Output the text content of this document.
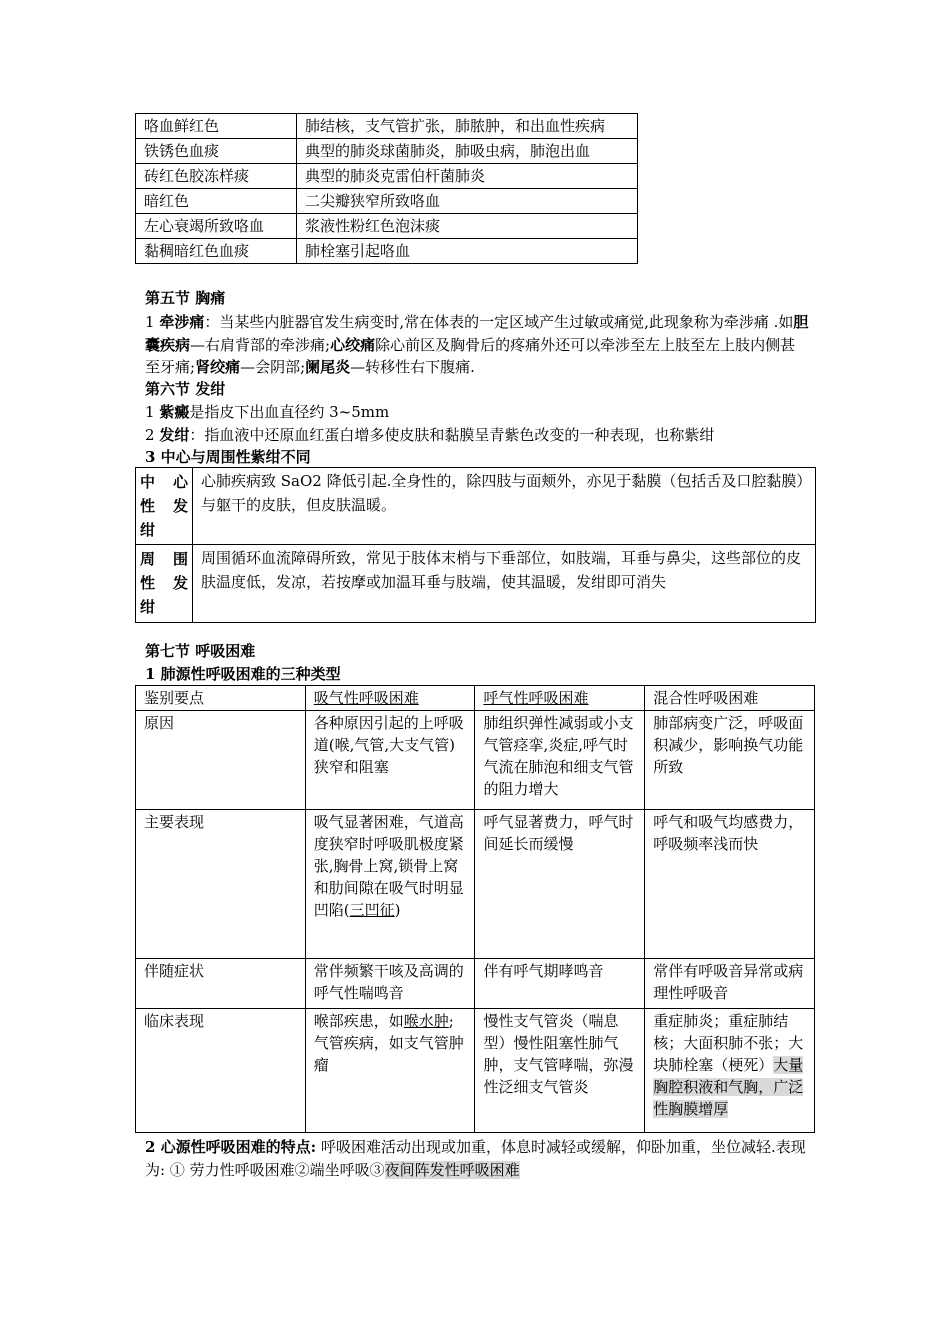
咯血鲜红色	肺结核，支气管扩张，肺脓肿，和出血性疾病
铁锈色血痰	典型的肺炎球菌肺炎，肺吸虫病，肺泡出血
砖红色胶冻样痰	典型的肺炎克雷伯杆菌肺炎
暗红色	二尖瓣狭窄所致咯血
左心衰竭所致咯血	浆液性粉红色泡沫痰
黏稠暗红色血痰	肺栓塞引起咯血
第五节 胸痛
1 牵涉痛：当某些内脏器官发生病变时,常在体表的一定区域产生过敏或痛觉,此现象称为牵涉痛 .如胆囊疾病—右肩背部的牵涉痛;心绞痛除心前区及胸骨后的疼痛外还可以牵涉至左上肢至左上肢内侧甚至牙痛;肾绞痛—会阴部;阑尾炎—转移性右下腹痛.
第六节 发绀
1 紫癜是指皮下出血直径约 3~5mm
2 发绀：指血液中还原血红蛋白增多使皮肤和黏膜呈青紫色改变的一种表现，也称紫绀
3 中心与周围性紫绀不同
中 心
性 发
绀	心肺疾病致 SaO2 降低引起.全身性的，除四肢与面颊外，亦见于黏膜（包括舌及口腔黏膜）与躯干的皮肤，但皮肤温暖。

周 围
性 发
绀	周围循环血流障碍所致，常见于肢体末梢与下垂部位，如肢端，耳垂与鼻尖，这些部位的皮肤温度低，发凉，若按摩或加温耳垂与肢端，使其温暖，发绀即可消失
第七节 呼吸困难
1 肺源性呼吸困难的三种类型
鉴别要点	吸气性呼吸困难	呼气性呼吸困难	混合性呼吸困难
原因	各种原因引起的上呼吸道(喉,气管,大支气管)狭窄和阻塞	肺组织弹性减弱或小支气管痉挛,炎症,呼气时气流在肺泡和细支气管的阻力增大	肺部病变广泛，呼吸面积减少，影响换气功能所致
主要表现	吸气显著困难，气道高度狭窄时呼吸肌极度紧张,胸骨上窝,锁骨上窝和肋间隙在吸气时明显凹陷(三凹征)	呼气显著费力，呼气时间延长而缓慢	呼气和吸气均感费力，呼吸频率浅而快
伴随症状	常伴频繁干咳及高调的呼气性喘鸣音	伴有呼气期哮鸣音	常伴有呼吸音异常或病理性呼吸音
临床表现	喉部疾患，如喉水肿;气管疾病，如支气管肿瘤	慢性支气管炎（喘息型）慢性阻塞性肺气肿，支气管哮喘，弥漫性泛细支气管炎	重症肺炎；重症肺结核；大面积肺不张；大块肺栓塞（梗死）大量胸腔积液和气胸，广泛性胸膜增厚
2 心源性呼吸困难的特点: 呼吸困难活动出现或加重，体息时减轻或缓解，仰卧加重，坐位减轻.表现为: ① 劳力性呼吸困难②端坐呼吸③夜间阵发性呼吸困难
